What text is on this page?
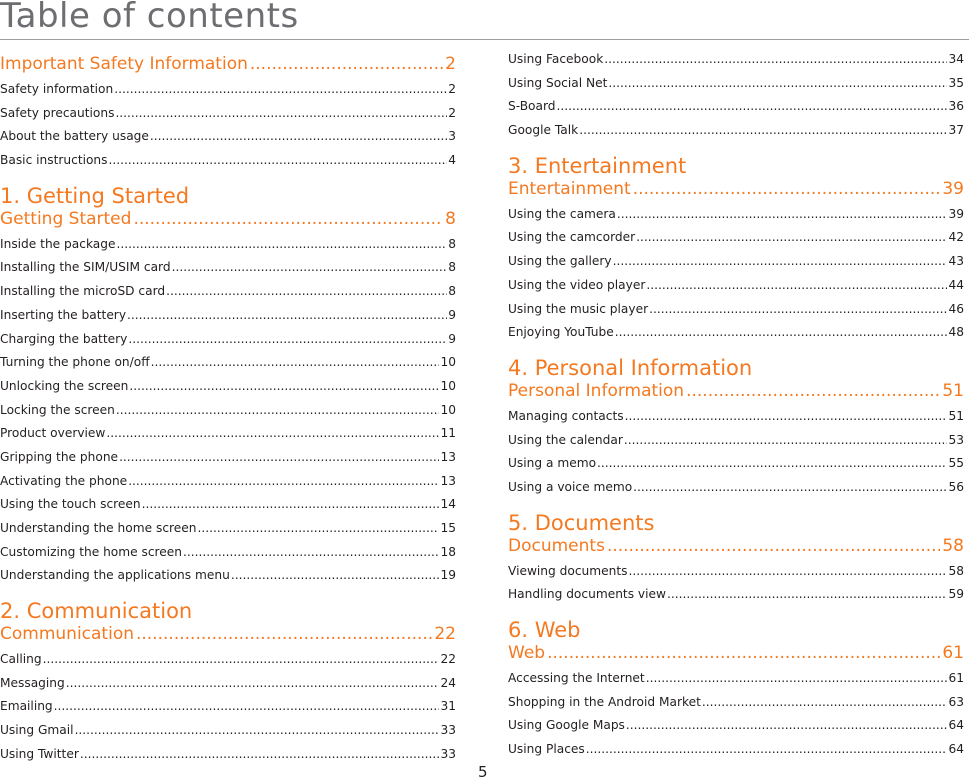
Table of contents
Important Safety Information .....	2
Safety information .....	2
Safety precautions .....	2
About the battery usage .....	3
Basic instructions .....	4
1. Getting Started
Getting Started .....	8
Inside the package .....	8
Installing the SIM/USIM card .....	8
Installing the microSD card .....	8
Inserting the battery .....	9
Charging the battery .....	9
Turning the phone on/off .....	10
Unlocking the screen .....	10
Locking the screen .....	10
Product overview .....	11
Gripping the phone .....	13
Activating the phone .....	13
Using the touch screen .....	14
Understanding the home screen .....	15
Customizing the home screen .....	18
Understanding the applications menu .....	19
2. Communication
Communication .....	22
Calling .....	22
Messaging .....	24
Emailing .....	31
Using Gmail .....	33
Using Twitter .....	33
Using Facebook .....	34
Using Social Net .....	35
S-Board .....	36
Google Talk .....	37
3. Entertainment
Entertainment .....	39
Using the camera .....	39
Using the camcorder .....	42
Using the gallery .....	43
Using the video player .....	44
Using the music player .....	46
Enjoying YouTube .....	48
4. Personal Information
Personal Information .....	51
Managing contacts .....	51
Using the calendar .....	53
Using a memo .....	55
Using a voice memo .....	56
5. Documents
Documents .....	58
Viewing documents .....	58
Handling documents view .....	59
6. Web
Web .....	61
Accessing the Internet .....	61
Shopping in the Android Market .....	63
Using Google Maps .....	64
Using Places .....	64
5
